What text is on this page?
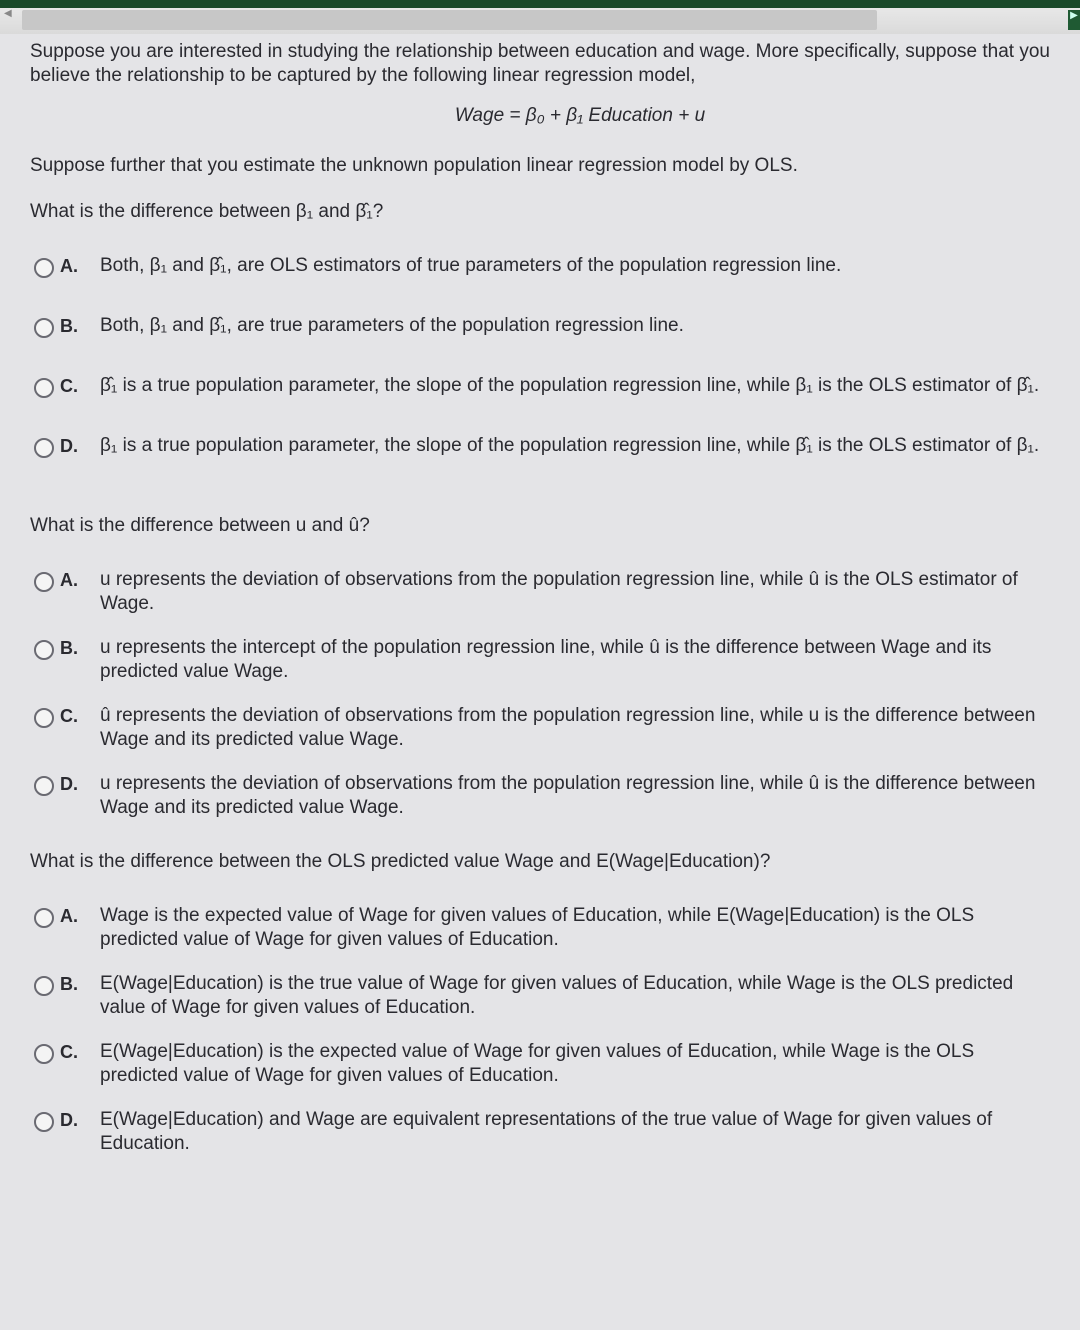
◀	▶

Suppose you are interested in studying the relationship between education and wage. More specifically, suppose that you believe the relationship to be captured by the following linear regression model,

Wage = β₀ + β₁ Education + u

Suppose further that you estimate the unknown population linear regression model by OLS.

What is the difference between β₁ and β̂₁?

A. Both, β₁ and β̂₁, are OLS estimators of true parameters of the population regression line.

B. Both, β₁ and β̂₁, are true parameters of the population regression line.

C. β̂₁ is a true population parameter, the slope of the population regression line, while β₁ is the OLS estimator of β̂₁.

D. β₁ is a true population parameter, the slope of the population regression line, while β̂₁ is the OLS estimator of β₁.

What is the difference between u and û?

A. u represents the deviation of observations from the population regression line, while û is the OLS estimator of Wage.

B. u represents the intercept of the population regression line, while û is the difference between Wage and its predicted value Wage.

C. û represents the deviation of observations from the population regression line, while u is the difference between Wage and its predicted value Wage.

D. u represents the deviation of observations from the population regression line, while û is the difference between Wage and its predicted value Wage.

What is the difference between the OLS predicted value Wage and E(Wage|Education)?

A. Wage is the expected value of Wage for given values of Education, while E(Wage|Education) is the OLS predicted value of Wage for given values of Education.

B. E(Wage|Education) is the true value of Wage for given values of Education, while Wage is the OLS predicted value of Wage for given values of Education.

C. E(Wage|Education) is the expected value of Wage for given values of Education, while Wage is the OLS predicted value of Wage for given values of Education.

D. E(Wage|Education) and Wage are equivalent representations of the true value of Wage for given values of Education.
